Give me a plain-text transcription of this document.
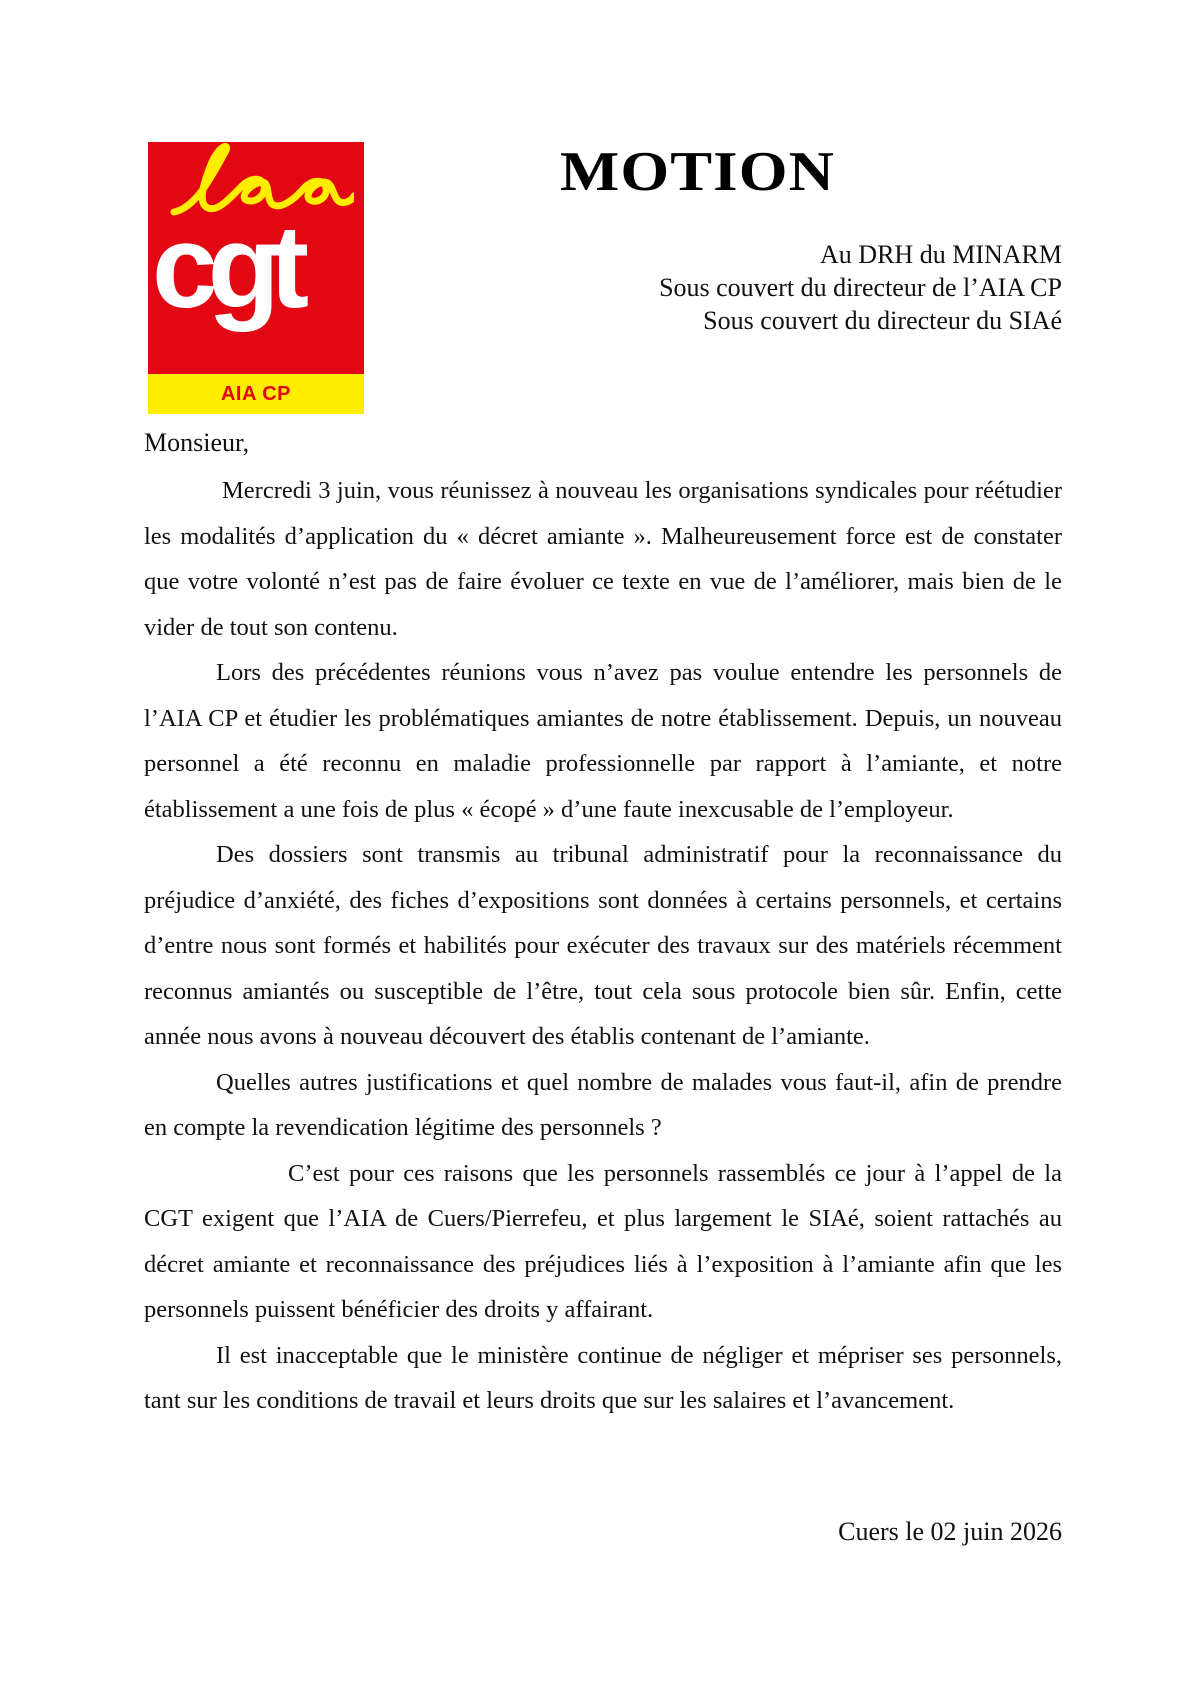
cgt
AIA CP
MOTION
Au DRH du MINARM
Sous couvert du directeur de l’AIA CP
Sous couvert du directeur du SIAé
Monsieur,

Mercredi 3 juin, vous réunissez à nouveau les organisations syndicales pour réétudier les modalités d’application du « décret amiante ». Malheureusement force est de constater que votre volonté n’est pas de faire évoluer ce texte en vue de l’améliorer, mais bien de le vider de tout son contenu.

Lors des précédentes réunions vous n’avez pas voulue entendre les personnels de l’AIA CP et étudier les problématiques amiantes de notre établissement. Depuis, un nouveau personnel a été reconnu en maladie professionnelle par rapport à l’amiante, et notre établissement a une fois de plus « écopé » d’une faute inexcusable de l’employeur.

Des dossiers sont transmis au tribunal administratif pour la reconnaissance du préjudice d’anxiété, des fiches d’expositions sont données à certains personnels, et certains d’entre nous sont formés et habilités pour exécuter des travaux sur des matériels récemment reconnus amiantés ou susceptible de l’être, tout cela sous protocole bien sûr. Enfin, cette année nous avons à nouveau découvert des établis contenant de l’amiante.

Quelles autres justifications et quel nombre de malades vous faut-il, afin de prendre en compte la revendication légitime des personnels ?

C’est pour ces raisons que les personnels rassemblés ce jour à l’appel de la CGT exigent que l’AIA de Cuers/Pierrefeu, et plus largement le SIAé, soient rattachés au décret amiante et reconnaissance des préjudices liés à l’exposition à l’amiante afin que les personnels puissent bénéficier des droits y affairant.

Il est inacceptable que le ministère continue de négliger et mépriser ses personnels, tant sur les conditions de travail et leurs droits que sur les salaires et l’avancement.

Cuers le 02 juin 2026
